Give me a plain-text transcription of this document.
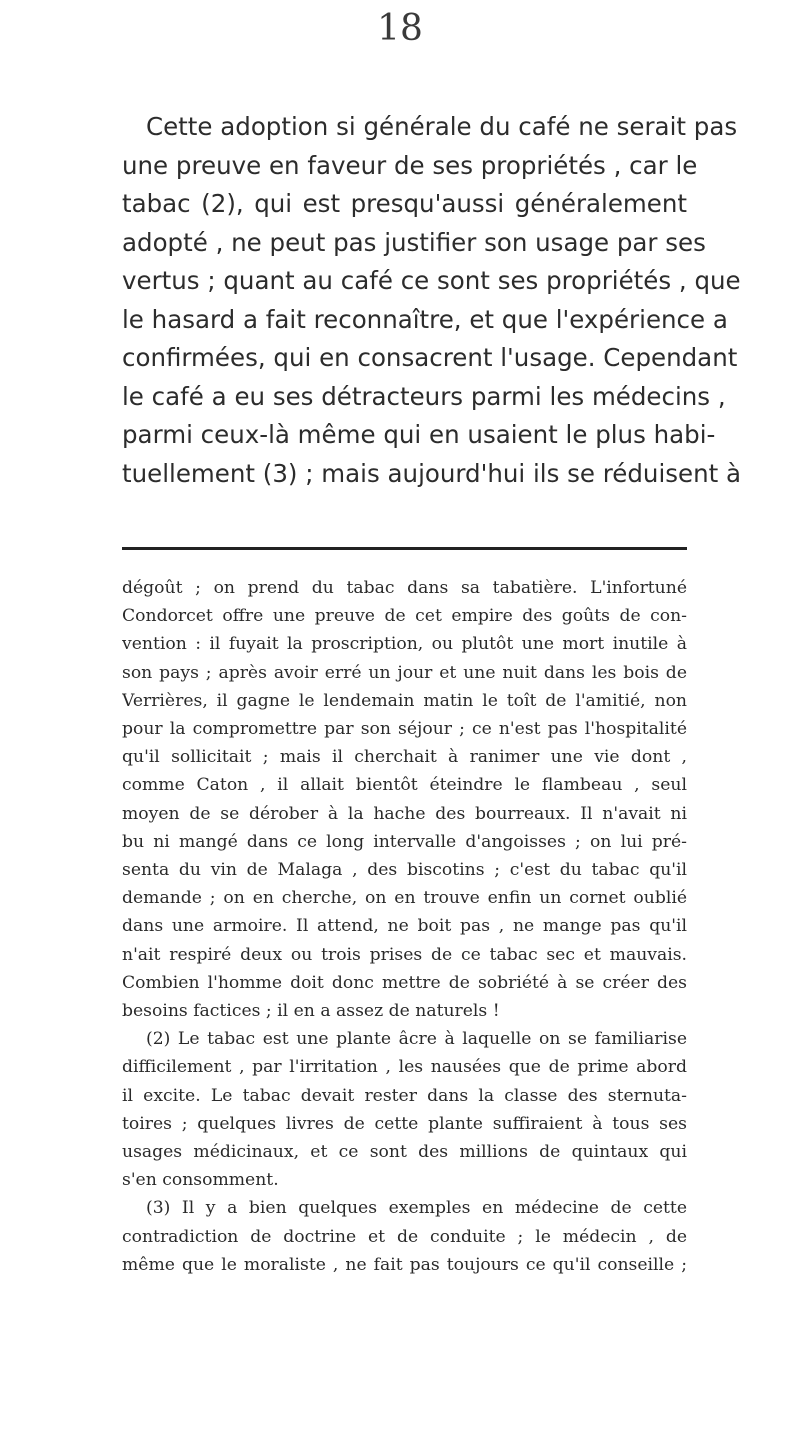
18
Cette adoption si générale du café ne serait pas
une preuve en faveur de ses propriétés , car le
tabac (2), qui est presqu'aussi généralement
adopté , ne peut pas justifier son usage par ses
vertus ; quant au café ce sont ses propriétés , que
le hasard a fait reconnaître, et que l'expérience a
confirmées, qui en consacrent l'usage. Cependant
le café a eu ses détracteurs parmi les médecins ,
parmi ceux-là même qui en usaient le plus habi-
tuellement (3) ; mais aujourd'hui ils se réduisent à
dégoût ; on prend du tabac dans sa tabatière. L'infortuné
Condorcet offre une preuve de cet empire des goûts de con-
vention : il fuyait la proscription, ou plutôt une mort inutile à
son pays ; après avoir erré un jour et une nuit dans les bois de
Verrières, il gagne le lendemain matin le toît de l'amitié, non
pour la compromettre par son séjour ; ce n'est pas l'hospitalité
qu'il sollicitait ; mais il cherchait à ranimer une vie dont ,
comme Caton , il allait bientôt éteindre le flambeau , seul
moyen de se dérober à la hache des bourreaux. Il n'avait ni
bu ni mangé dans ce long intervalle d'angoisses ; on lui pré-
senta du vin de Malaga , des biscotins ; c'est du tabac qu'il
demande ; on en cherche, on en trouve enfin un cornet oublié
dans une armoire. Il attend, ne boit pas , ne mange pas qu'il
n'ait respiré deux ou trois prises de ce tabac sec et mauvais.
Combien l'homme doit donc mettre de sobriété à se créer des
besoins factices ; il en a assez de naturels !
(2) Le tabac est une plante âcre à laquelle on se familiarise
difficilement , par l'irritation , les nausées que de prime abord
il excite. Le tabac devait rester dans la classe des sternuta-
toires ; quelques livres de cette plante suffiraient à tous ses
usages médicinaux, et ce sont des millions de quintaux qui
s'en consomment.
(3) Il y a bien quelques exemples en médecine de cette
contradiction de doctrine et de conduite ; le médecin , de
même que le moraliste , ne fait pas toujours ce qu'il conseille ;
